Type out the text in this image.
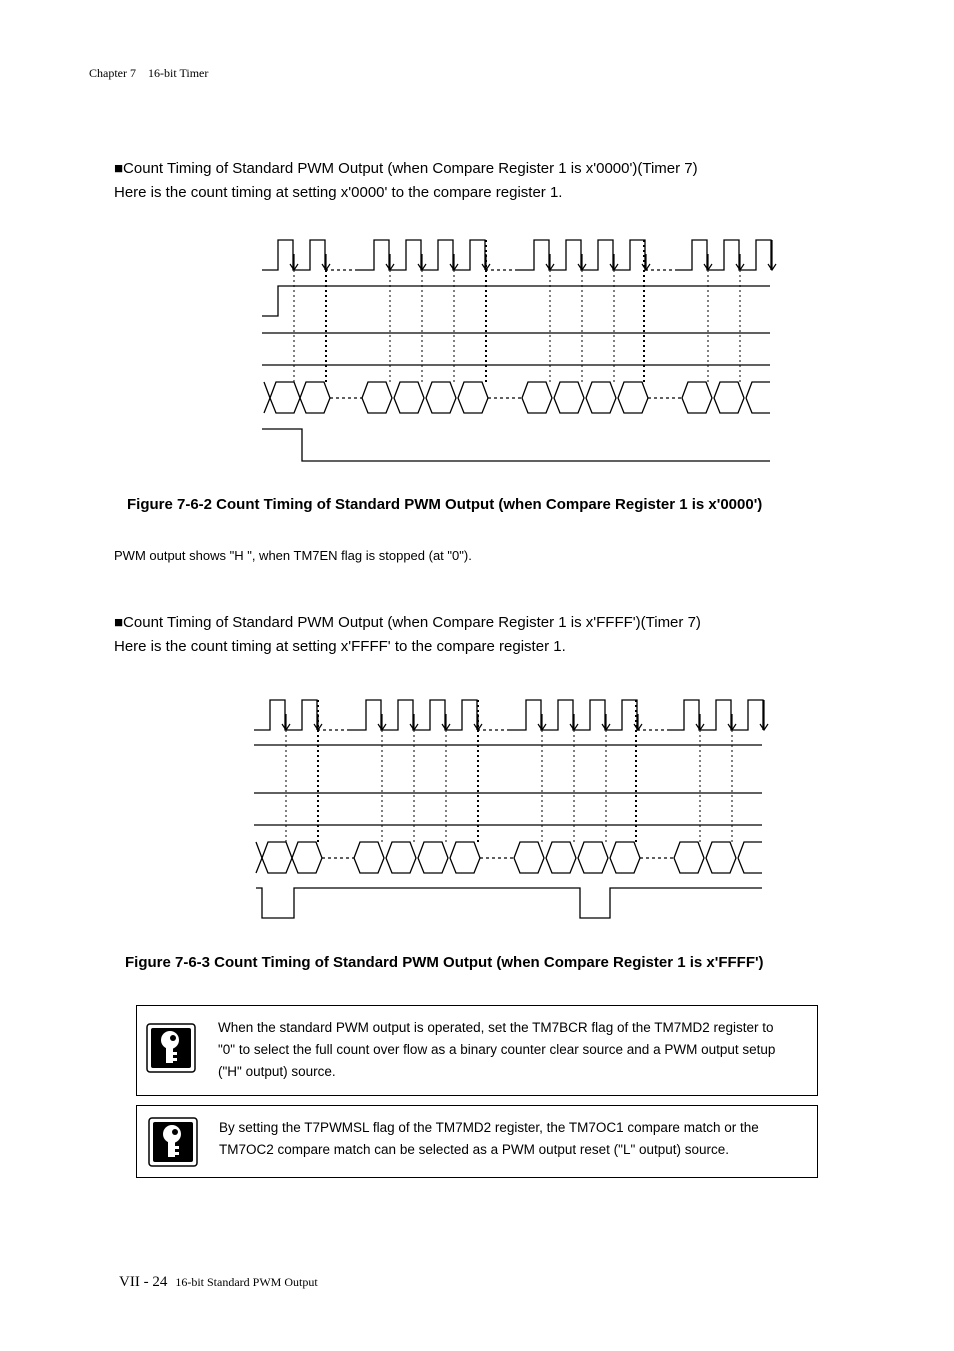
Chapter 7 16-bit Timer
■Count Timing of Standard PWM Output (when Compare Register 1 is x'0000')(Timer 7)
Here is the count timing at setting x'0000' to the compare register 1.
Figure 7-6-2 Count Timing of Standard PWM Output (when Compare Register 1 is x'0000')
PWM output shows "H ", when TM7EN flag is stopped (at "0").
■Count Timing of Standard PWM Output (when Compare Register 1 is x'FFFF')(Timer 7)
Here is the count timing at setting x'FFFF' to the compare register 1.
Figure 7-6-3 Count Timing of Standard PWM Output (when Compare Register 1 is x'FFFF')
When the standard PWM output is operated, set the TM7BCR flag of the TM7MD2 register to
"0" to select the full count over flow as a binary counter clear source and a PWM output setup
("H" output) source.
By setting the T7PWMSL flag of the TM7MD2 register, the TM7OC1 compare match or the
TM7OC2 compare match can be selected as a PWM output reset ("L" output) source.
VII - 24 16-bit Standard PWM Output
